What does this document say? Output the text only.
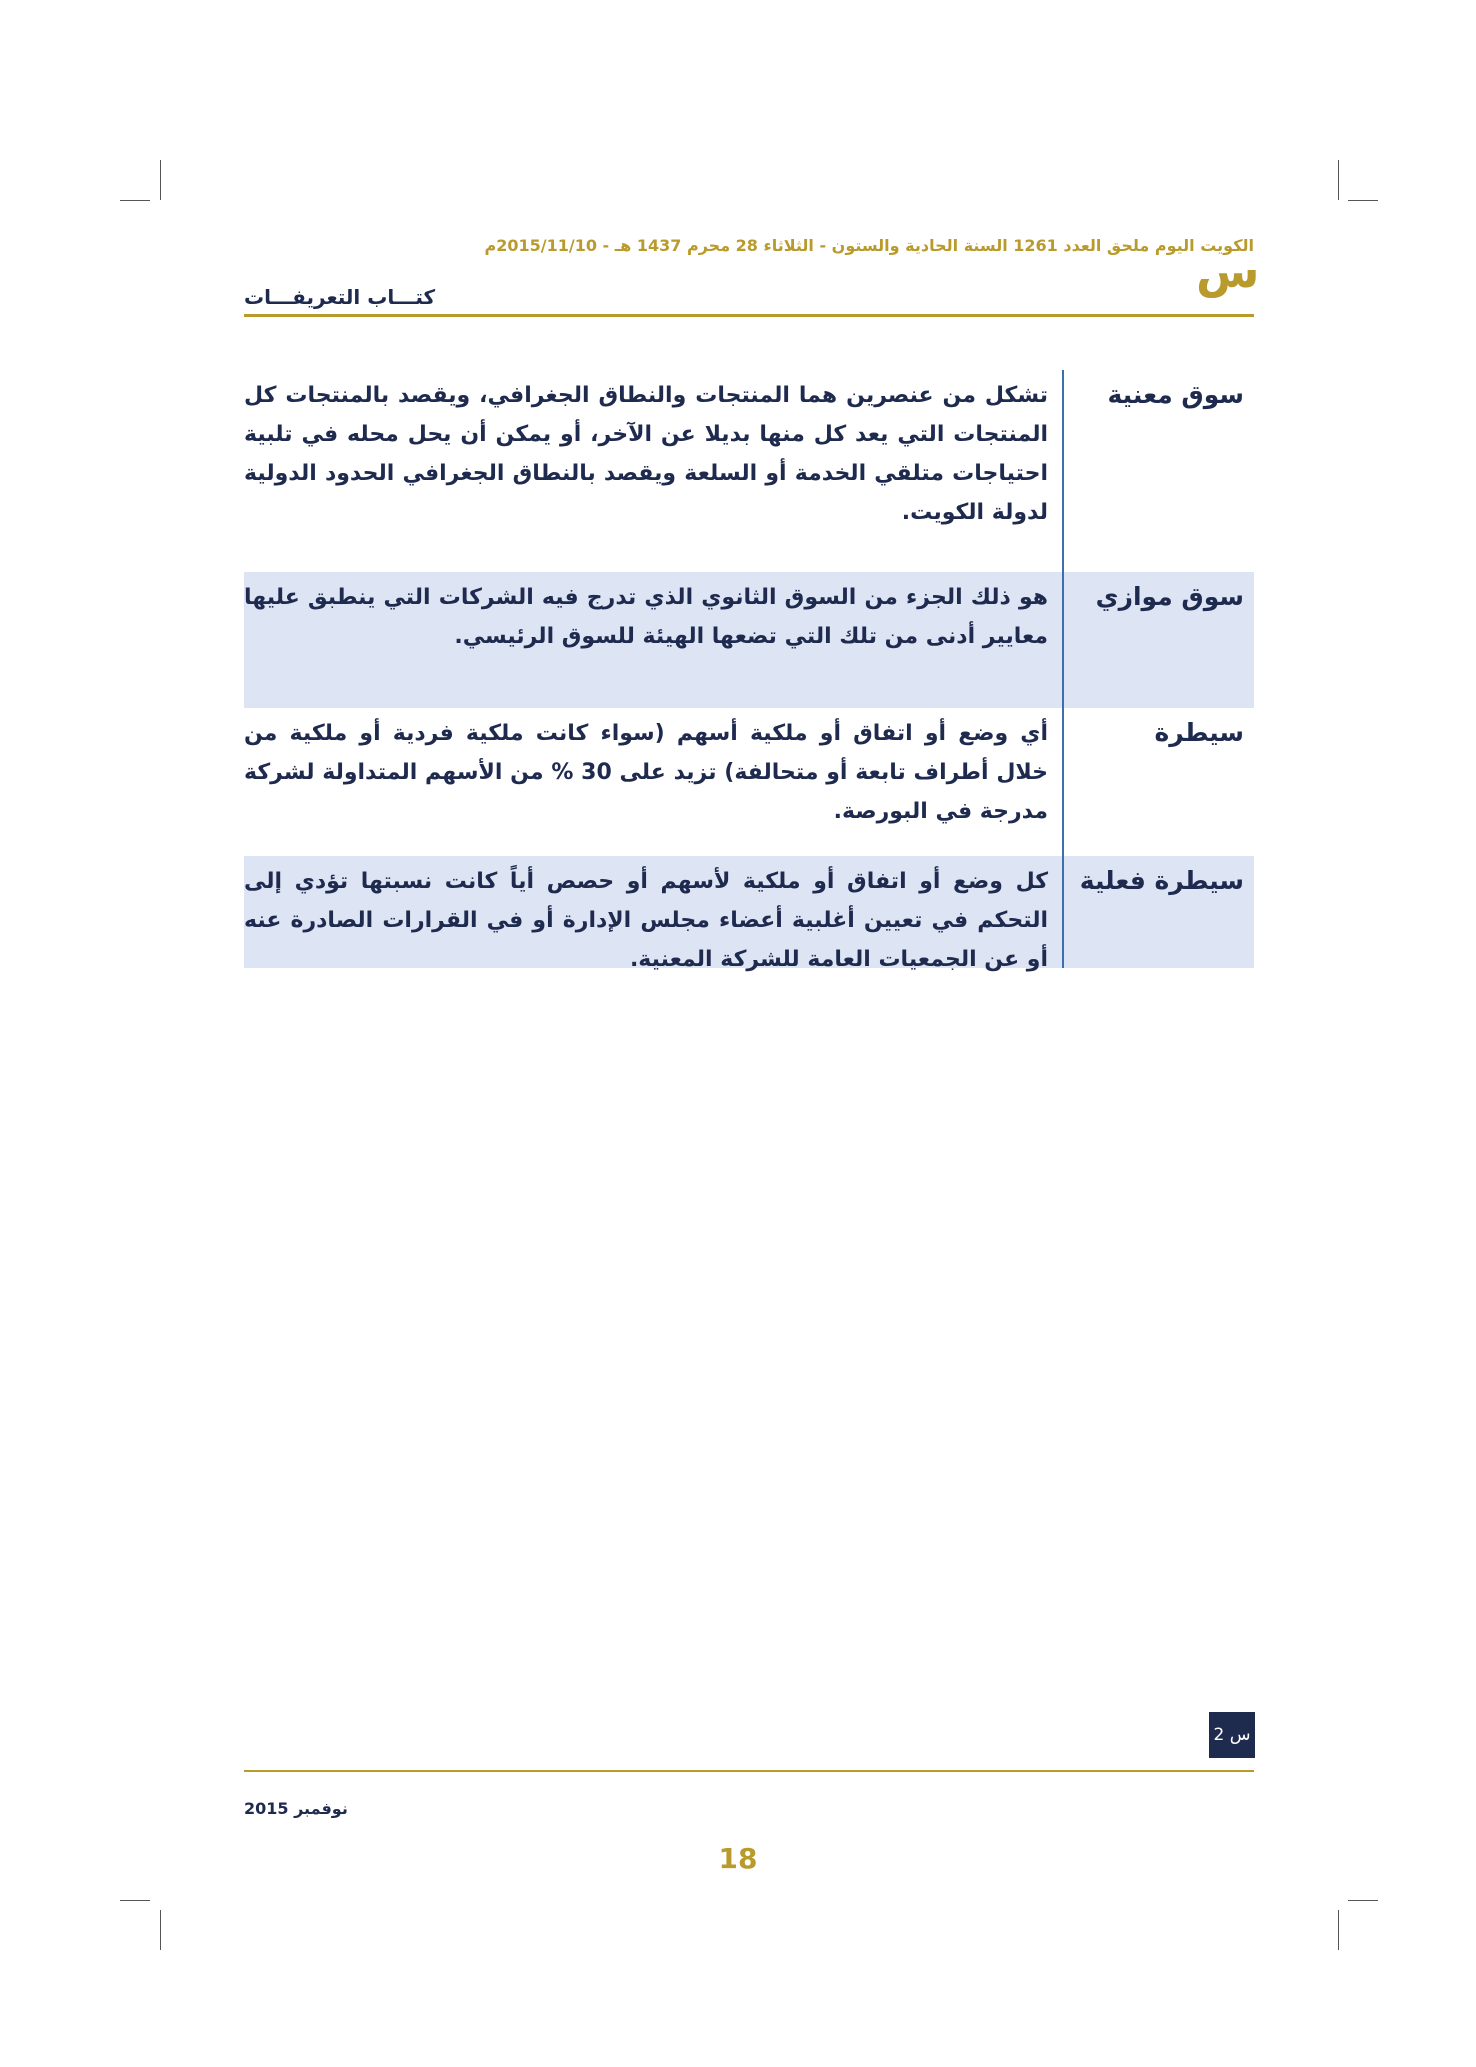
الكويت اليوم ملحق العدد 1261 السنة الحادية والستون - الثلاثاء 28 محرم 1437 هـ - 2015/11/10م
س
كتـــاب التعريفـــات
سوق معنية
تشكل من عنصرين هما المنتجات والنطاق الجغرافي، ويقصد بالمنتجات كل المنتجات التي يعد كل منها بديلا عن الآخر، أو يمكن أن يحل محله في تلبية احتياجات متلقي الخدمة أو السلعة ويقصد بالنطاق الجغرافي الحدود الدولية لدولة الكويت.
سوق موازي
هو ذلك الجزء من السوق الثانوي الذي تدرج فيه الشركات التي ينطبق عليها معايير أدنى من تلك التي تضعها الهيئة للسوق الرئيسي.
سيطرة
أي وضع أو اتفاق أو ملكية أسهم (سواء كانت ملكية فردية أو ملكية من خلال أطراف تابعة أو متحالفة) تزيد على 30 % من الأسهم المتداولة لشركة مدرجة في البورصة.
سيطرة فعلية
كل وضع أو اتفاق أو ملكية لأسهم أو حصص أياً كانت نسبتها تؤدي إلى التحكم في تعيين أغلبية أعضاء مجلس الإدارة أو في القرارات الصادرة عنه أو عن الجمعيات العامة للشركة المعنية.
س 2
نوفمبر 2015
18
